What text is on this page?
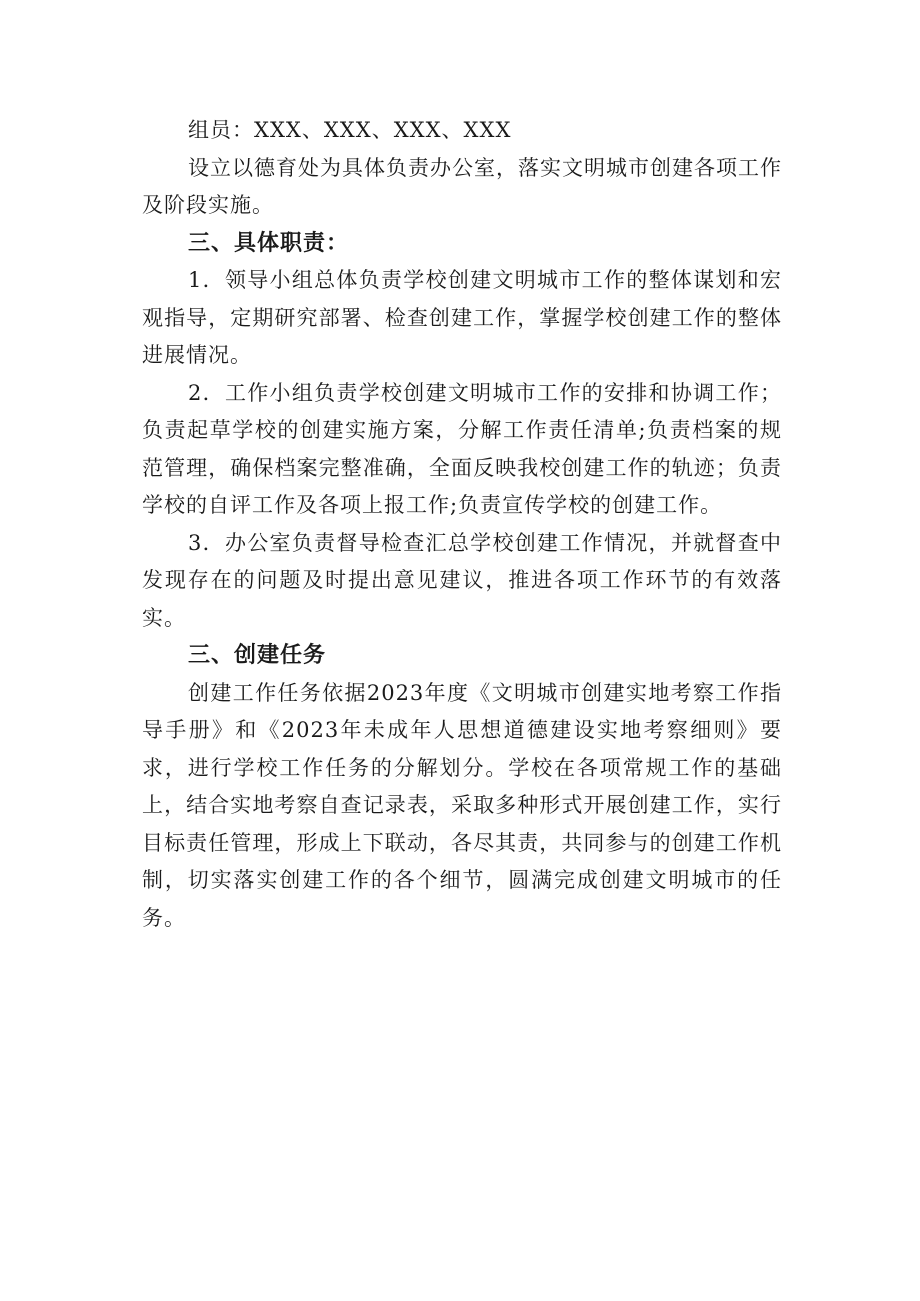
组员：XXX、XXX、XXX、XXX

设立以德育处为具体负责办公室，落实文明城市创建各项工作及阶段实施。

三、具体职责：

1．领导小组总体负责学校创建文明城市工作的整体谋划和宏观指导，定期研究部署、检查创建工作，掌握学校创建工作的整体进展情况。

2．工作小组负责学校创建文明城市工作的安排和协调工作；负责起草学校的创建实施方案，分解工作责任清单;负责档案的规范管理，确保档案完整准确，全面反映我校创建工作的轨迹；负责学校的自评工作及各项上报工作;负责宣传学校的创建工作。

3．办公室负责督导检查汇总学校创建工作情况，并就督查中发现存在的问题及时提出意见建议，推进各项工作环节的有效落实。

三、创建任务

创建工作任务依据2023年度《文明城市创建实地考察工作指导手册》和《2023年未成年人思想道德建设实地考察细则》要求，进行学校工作任务的分解划分。学校在各项常规工作的基础上，结合实地考察自查记录表，采取多种形式开展创建工作，实行目标责任管理，形成上下联动，各尽其责，共同参与的创建工作机制，切实落实创建工作的各个细节，圆满完成创建文明城市的任务。
